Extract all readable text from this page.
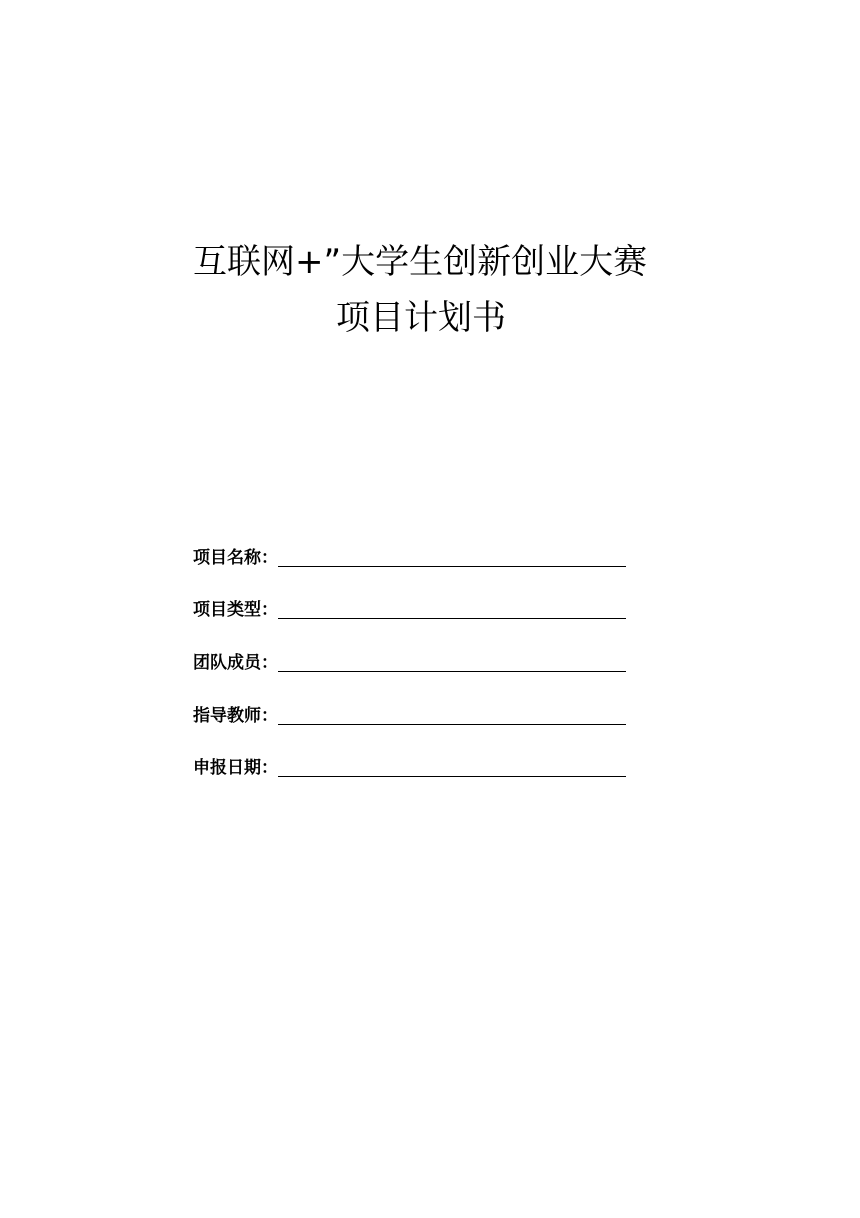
互联网+”大学生创新创业大赛
项目计划书
项目名称 ：
项目类型 ：
团队成员 ：
指导教师 ：
申报日期 ：
